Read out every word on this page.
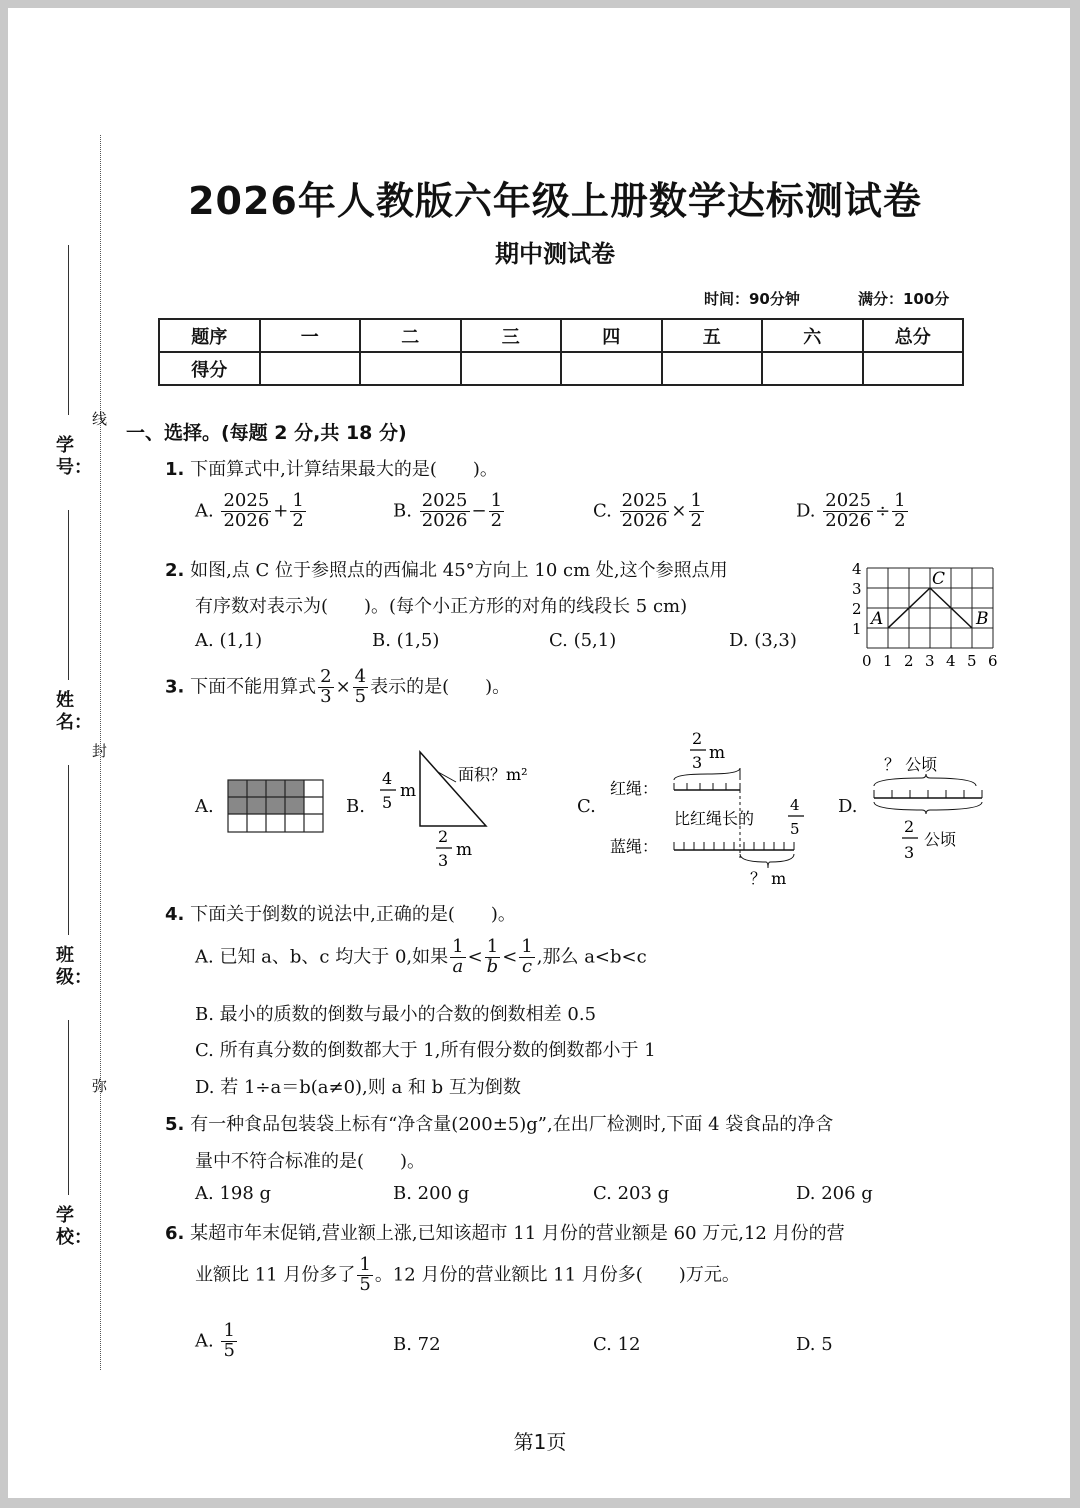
2026年人教版六年级上册数学达标测试卷
期中测试卷
时间：90分钟	满分：100分
题序	一	二	三	四	五	六	总分
得分							
线
封
弥
学号：
姓名：
班级：
学校：
一、选择。(每题 2 分,共 18 分)
1. 下面算式中,计算结果最大的是(　　)。
A. $\frac{2025}{2026} + \frac{1}{2}$	B. $\frac{2025}{2026} - \frac{1}{2}$	C. $\frac{2025}{2026} \times \frac{1}{2}$	D. $\frac{2025}{2026} \div \frac{1}{2}$
2. 如图,点 C 位于参照点的西偏北 45°方向上 10 cm 处,这个参照点用
有序数对表示为(　　)。(每个小正方形的对角的线段长 5 cm)
A. (1,1)	B. (1,5)	C. (5,1)	D. (3,3)
4
3
2
1
0 1 2 3 4 5 6
A
C
B
3. 下面不能用算式 $\frac{2}{3} \times \frac{4}{5}$ 表示的是(　　)。
A.	B.
4
5
m
面积？m²
2
3
m
C.
2
3 m
红绳：
比红绳长的
4
5
蓝绳：
？ m
D.
？ 公顷
2
3
公顷
4. 下面关于倒数的说法中,正确的是(　　)。
A. 已知 a、b、c 均大于 0,如果 $\frac{1}{a} < \frac{1}{b} < \frac{1}{c}$ ,那么 a<b<c
B. 最小的质数的倒数与最小的合数的倒数相差 0.5
C. 所有真分数的倒数都大于 1,所有假分数的倒数都小于 1
D. 若 1÷a＝b(a≠0),则 a 和 b 互为倒数
5. 有一种食品包装袋上标有“净含量(200±5)g”,在出厂检测时,下面 4 袋食品的净含
量中不符合标准的是(　　)。
A. 198 g	B. 200 g	C. 203 g	D. 206 g
6. 某超市年末促销,营业额上涨,已知该超市 11 月份的营业额是 60 万元,12 月份的营
业额比 11 月份多了 $\frac{1}{5}$ 。12 月份的营业额比 11 月份多(　　)万元。
A. $\frac{1}{5}$	B. 72	C. 12	D. 5
第1页
